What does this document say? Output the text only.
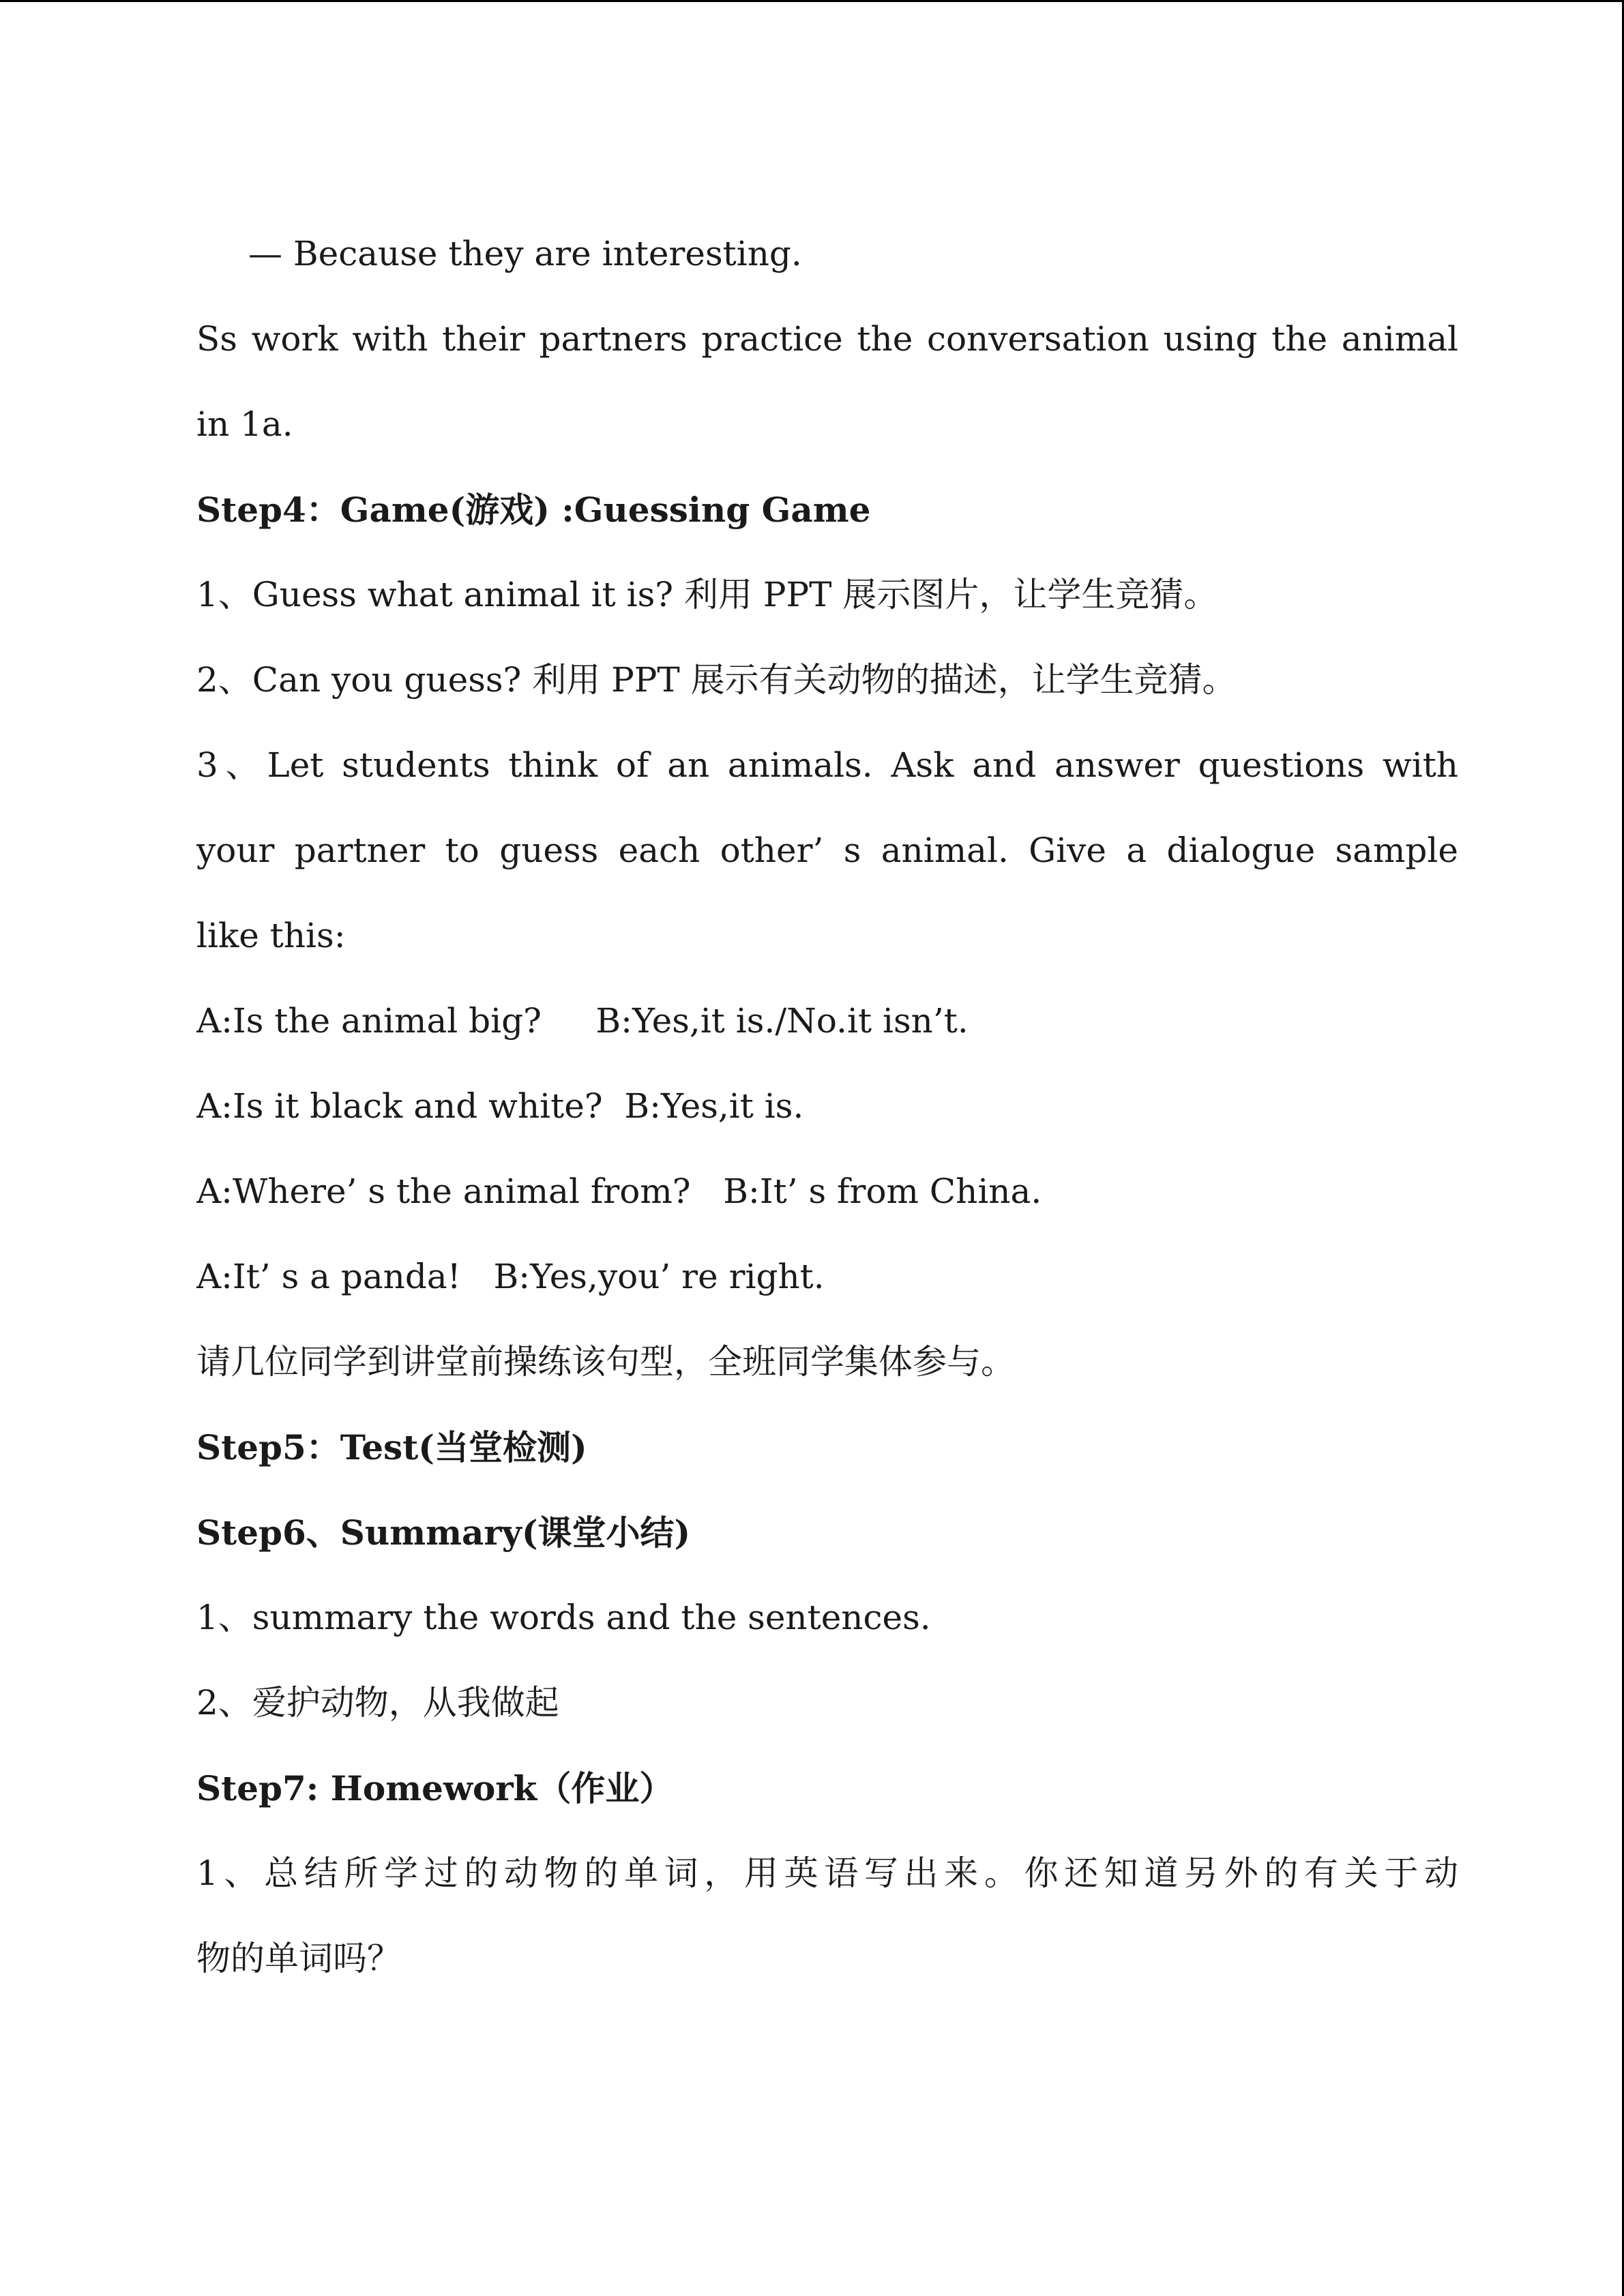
— Because they are interesting.
Ss work with their partners practice the conversation using the animal
in 1a.
Step4：Game(游戏) :Guessing Game
1、Guess what animal it is? 利用 PPT 展示图片，让学生竞猜。
2、Can you guess? 利用 PPT 展示有关动物的描述，让学生竞猜。
3、Let students think of an animals. Ask and answer questions with
your partner to guess each other’ s animal. Give a dialogue sample
like this:
A:Is the animal big?     B:Yes,it is./No.it isn’t.
A:Is it black and white?  B:Yes,it is.
A:Where’ s the animal from?   B:It’ s from China.
A:It’ s a panda!   B:Yes,you’ re right.
请几位同学到讲堂前操练该句型，全班同学集体参与。
Step5：Test(当堂检测)
Step6、Summary(课堂小结)
1、summary the words and the sentences.
2、爱护动物，从我做起
Step7: Homework（作业）
1、总结所学过的动物的单词，用英语写出来。你还知道另外的有关于动
物的单词吗？
